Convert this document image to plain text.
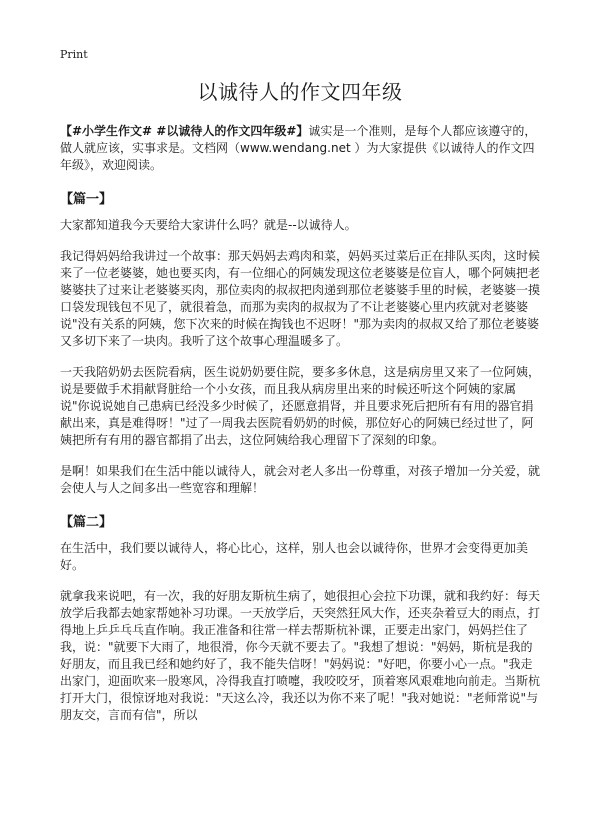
Print
以诚待人的作文四年级

【#小学生作文# #以诚待人的作文四年级#】诚实是一个准则，是每个人都应该遵守的，做人就应该，实事求是。文档网（www.wendang.net ）为大家提供《以诚待人的作文四年级》，欢迎阅读。

【篇一】

大家都知道我今天要给大家讲什么吗？就是--以诚待人。

我记得妈妈给我讲过一个故事：那天妈妈去鸡肉和菜，妈妈买过菜后正在排队买肉，这时候来了一位老婆婆，她也要买肉，有一位细心的阿姨发现这位老婆婆是位盲人，哪个阿姨把老婆婆扶了过来让老婆婆买肉，那位卖肉的叔叔把肉递到那位老婆婆手里的时候，老婆婆一摸口袋发现钱包不见了，就很着急，而那为卖肉的叔叔为了不让老婆婆心里内疚就对老婆婆说"没有关系的阿姨，您下次来的时候在掏钱也不迟呀！"那为卖肉的叔叔又给了那位老婆婆又多切下来了一块肉。我听了这个故事心理温暖多了。

一天我陪奶奶去医院看病，医生说奶奶要住院，要多多休息，这是病房里又来了一位阿姨，说是要做手术捐献肾脏给一个小女孩，而且我从病房里出来的时候还听这个阿姨的家属说"你说说她自己患病已经没多少时候了，还愿意捐肾，并且要求死后把所有有用的器官捐献出来，真是难得呀！"过了一周我去医院看奶奶的时候，那位好心的阿姨已经过世了，阿姨把所有有用的器官都捐了出去，这位阿姨给我心理留下了深刻的印象。

是啊！如果我们在生活中能以诚待人，就会对老人多出一份尊重，对孩子增加一分关爱，就会使人与人之间多出一些宽容和理解！

【篇二】

在生活中，我们要以诚待人，将心比心，这样，别人也会以诚待你，世界才会变得更加美好。

就拿我来说吧，有一次，我的好朋友斯杭生病了，她很担心会拉下功课，就和我约好：每天放学后我都去她家帮她补习功课。一天放学后，天突然狂风大作，还夹杂着豆大的雨点，打得地上乒乒乓乓直作响。我正准备和往常一样去帮斯杭补课，正要走出家门，妈妈拦住了我，说："就要下大雨了，地很滑，你今天就不要去了。"我想了想说："妈妈，斯杭是我的好朋友，而且我已经和她约好了，我不能失信呀！"妈妈说："好吧，你要小心一点。"我走出家门，迎面吹来一股寒风，冷得我直打喷嚏，我咬咬牙，顶着寒风艰难地向前走。当斯杭打开大门，很惊讶地对我说："天这么冷，我还以为你不来了呢！"我对她说："老师常说"与朋友交，言而有信"，所以
